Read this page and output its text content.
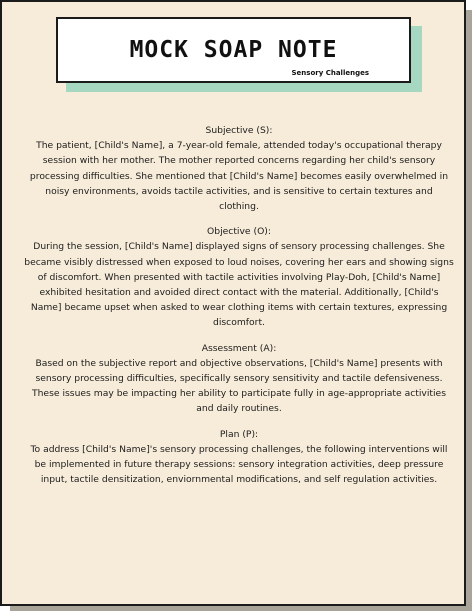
MOCK SOAP NOTE
Sensory Challenges

Subjective (S):

The patient, [Child's Name], a 7-year-old female, attended today's occupational therapy session with her mother. The mother reported concerns regarding her child's sensory processing difficulties. She mentioned that [Child's Name] becomes easily overwhelmed in noisy environments, avoids tactile activities, and is sensitive to certain textures and clothing.

Objective (O):

During the session, [Child's Name] displayed signs of sensory processing challenges. She became visibly distressed when exposed to loud noises, covering her ears and showing signs of discomfort. When presented with tactile activities involving Play-Doh, [Child's Name] exhibited hesitation and avoided direct contact with the material. Additionally, [Child's Name] became upset when asked to wear clothing items with certain textures, expressing discomfort.

Assessment (A):

Based on the subjective report and objective observations, [Child's Name] presents with sensory processing difficulties, specifically sensory sensitivity and tactile defensiveness. These issues may be impacting her ability to participate fully in age-appropriate activities and daily routines.

Plan (P):

To address [Child's Name]'s sensory processing challenges, the following interventions will be implemented in future therapy sessions: sensory integration activities, deep pressure input, tactile densitization, enviornmental modifications, and self regulation activities.
